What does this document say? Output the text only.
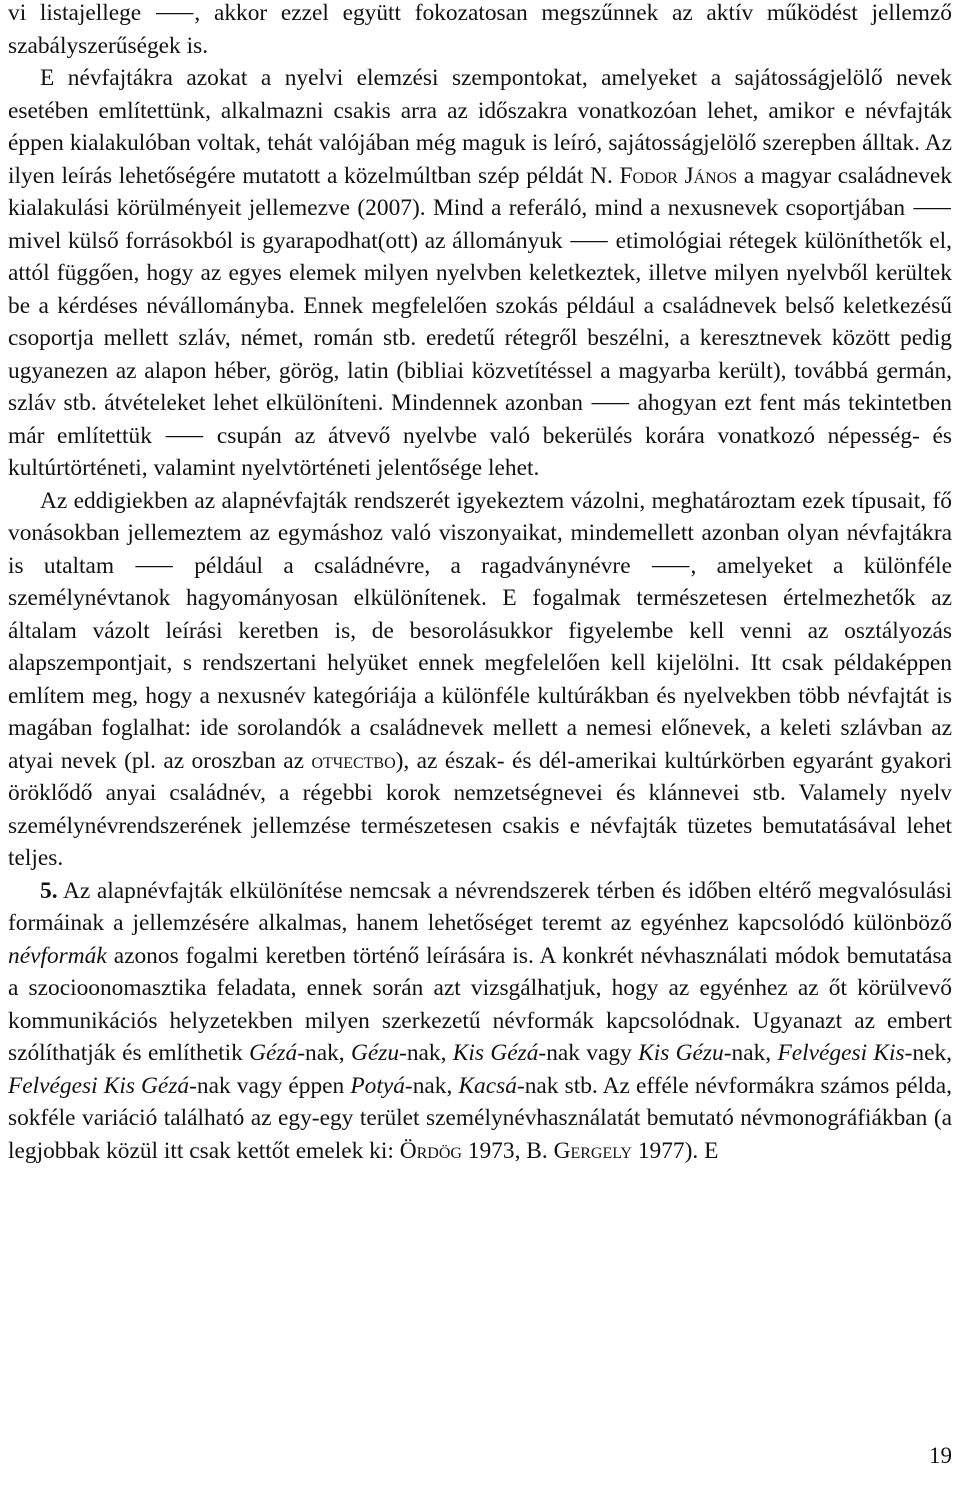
vi listajellege ⸺, akkor ezzel együtt fokozatosan megszűnnek az aktív működést jellemző szabályszerűségek is.

E névfajtákra azokat a nyelvi elemzési szempontokat, amelyeket a sajátosságjelölő nevek esetében említettünk, alkalmazni csakis arra az időszakra vonatkozóan lehet, amikor e névfajták éppen kialakulóban voltak, tehát valójában még maguk is leíró, sajátosságjelölő szerepben álltak. Az ilyen leírás lehetőségére mutatott a közelmúltban szép példát N. Fodor János a magyar családnevek kialakulási körülményeit jellemezve (2007). Mind a referáló, mind a nexusnevek csoportjában ⸺ mivel külső forrásokból is gyarapodhat(ott) az állományuk ⸺ etimológiai rétegek különíthetők el, attól függően, hogy az egyes elemek milyen nyelvben keletkeztek, illetve milyen nyelvből kerültek be a kérdéses névállományba. Ennek megfelelően szokás például a családnevek belső keletkezésű csoportja mellett szláv, német, román stb. eredetű rétegről beszélni, a keresztnevek között pedig ugyanezen az alapon héber, görög, latin (bibliai közvetítéssel a magyarba került), továbbá germán, szláv stb. átvételeket lehet elkülöníteni. Mindennek azonban ⸺ ahogyan ezt fent más tekintetben már említettük ⸺ csupán az átvevő nyelvbe való bekerülés korára vonatkozó népesség- és kultúrtörténeti, valamint nyelvtörténeti jelentősége lehet.

Az eddigiekben az alapnévfajták rendszerét igyekeztem vázolni, meghatároztam ezek típusait, fő vonásokban jellemeztem az egymáshoz való viszonyaikat, mindemellett azonban olyan névfajtákra is utaltam ⸺ például a családnévre, a ragadványnévre ⸺, amelyeket a különféle személynévtanok hagyományosan elkülönítenek. E fogalmak természetesen értelmezhetők az általam vázolt leírási keretben is, de besorolásukkor figyelembe kell venni az osztályozás alapszempontjait, s rendszertani helyüket ennek megfelelően kell kijelölni. Itt csak példaképpen említem meg, hogy a nexusnév kategóriája a különféle kultúrákban és nyelvekben több névfajtát is magában foglalhat: ide sorolandók a családnevek mellett a nemesi előnevek, a keleti szlávban az atyai nevek (pl. az oroszban az отчество), az észak- és dél-amerikai kultúrkörben egyaránt gyakori öröklődő anyai családnév, a régebbi korok nemzetségnevei és klánnevei stb. Valamely nyelv személynévrendszerének jellemzése természetesen csakis e névfajták tüzetes bemutatásával lehet teljes.

5. Az alapnévfajták elkülönítése nemcsak a névrendszerek térben és időben eltérő megvalósulási formáinak a jellemzésére alkalmas, hanem lehetőséget teremt az egyénhez kapcsolódó különböző névformák azonos fogalmi keretben történő leírására is. A konkrét névhasználati módok bemutatása a szocioonomasztika feladata, ennek során azt vizsgálhatjuk, hogy az egyénhez az őt körülvevő kommunikációs helyzetekben milyen szerkezetű névformák kapcsolódnak. Ugyanazt az embert szólíthatják és említhetik Gézá-nak, Gézu-nak, Kis Gézá-nak vagy Kis Gézu-nak, Felvégesi Kis-nek, Felvégesi Kis Gézá-nak vagy éppen Potyá-nak, Kacsá-nak stb. Az efféle névformákra számos példa, sokféle variáció található az egy-egy terület személynévhasználatát bemutató névmonográfiákban (a legjobbak közül itt csak kettőt emelek ki: Ördög 1973, B. Gergely 1977). E

19
